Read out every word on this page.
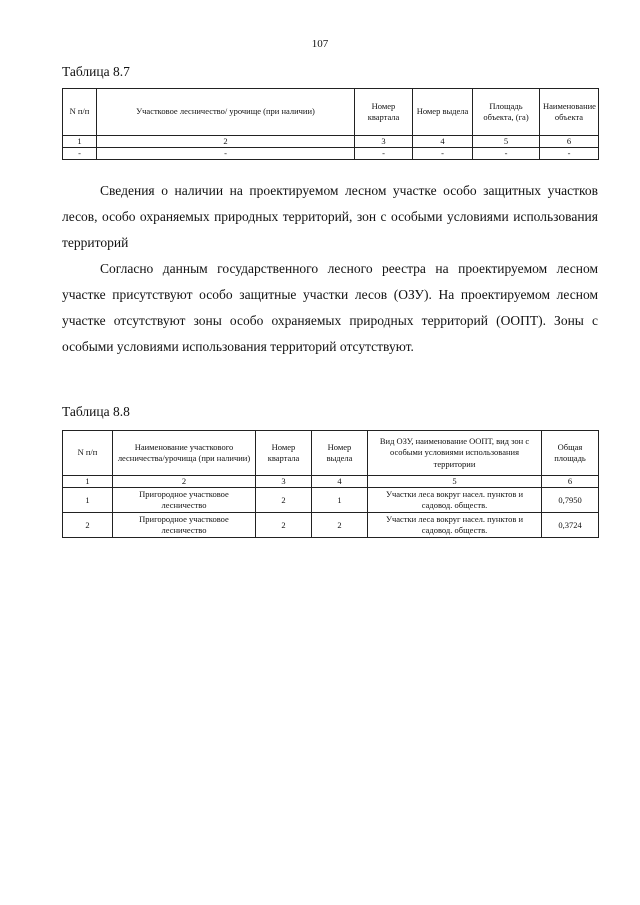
107
Таблица 8.7
N п/п	Участковое лесничество/ урочище (при наличии)	Номер квартала	Номер выдела	Площадь объекта, (га)	Наименование объекта
1	2	3	4	5	6
-	-	-	-	-	-

Сведения о наличии на проектируемом лесном участке особо защитных участков лесов, особо охраняемых природных территорий, зон с особыми условиями использования территорий

Согласно данным государственного лесного реестра на проектируемом лесном участке присутствуют особо защитные участки лесов (ОЗУ). На проектируемом лесном участке отсутствуют зоны особо охраняемых природных территорий (ООПТ). Зоны с особыми условиями использования территорий отсутствуют.

Таблица 8.8
N п/п	Наименование участкового лесничества/урочища (при наличии)	Номер квартала	Номер выдела	Вид ОЗУ, наименование ООПТ, вид зон с особыми условиями использования территории	Общая площадь
1	2	3	4	5	6
1	Пригородное участковое лесничество	2	1	Участки леса вокруг насел. пунктов и садовод. обществ.	0,7950
2	Пригородное участковое лесничество	2	2	Участки леса вокруг насел. пунктов и садовод. обществ.	0,3724
